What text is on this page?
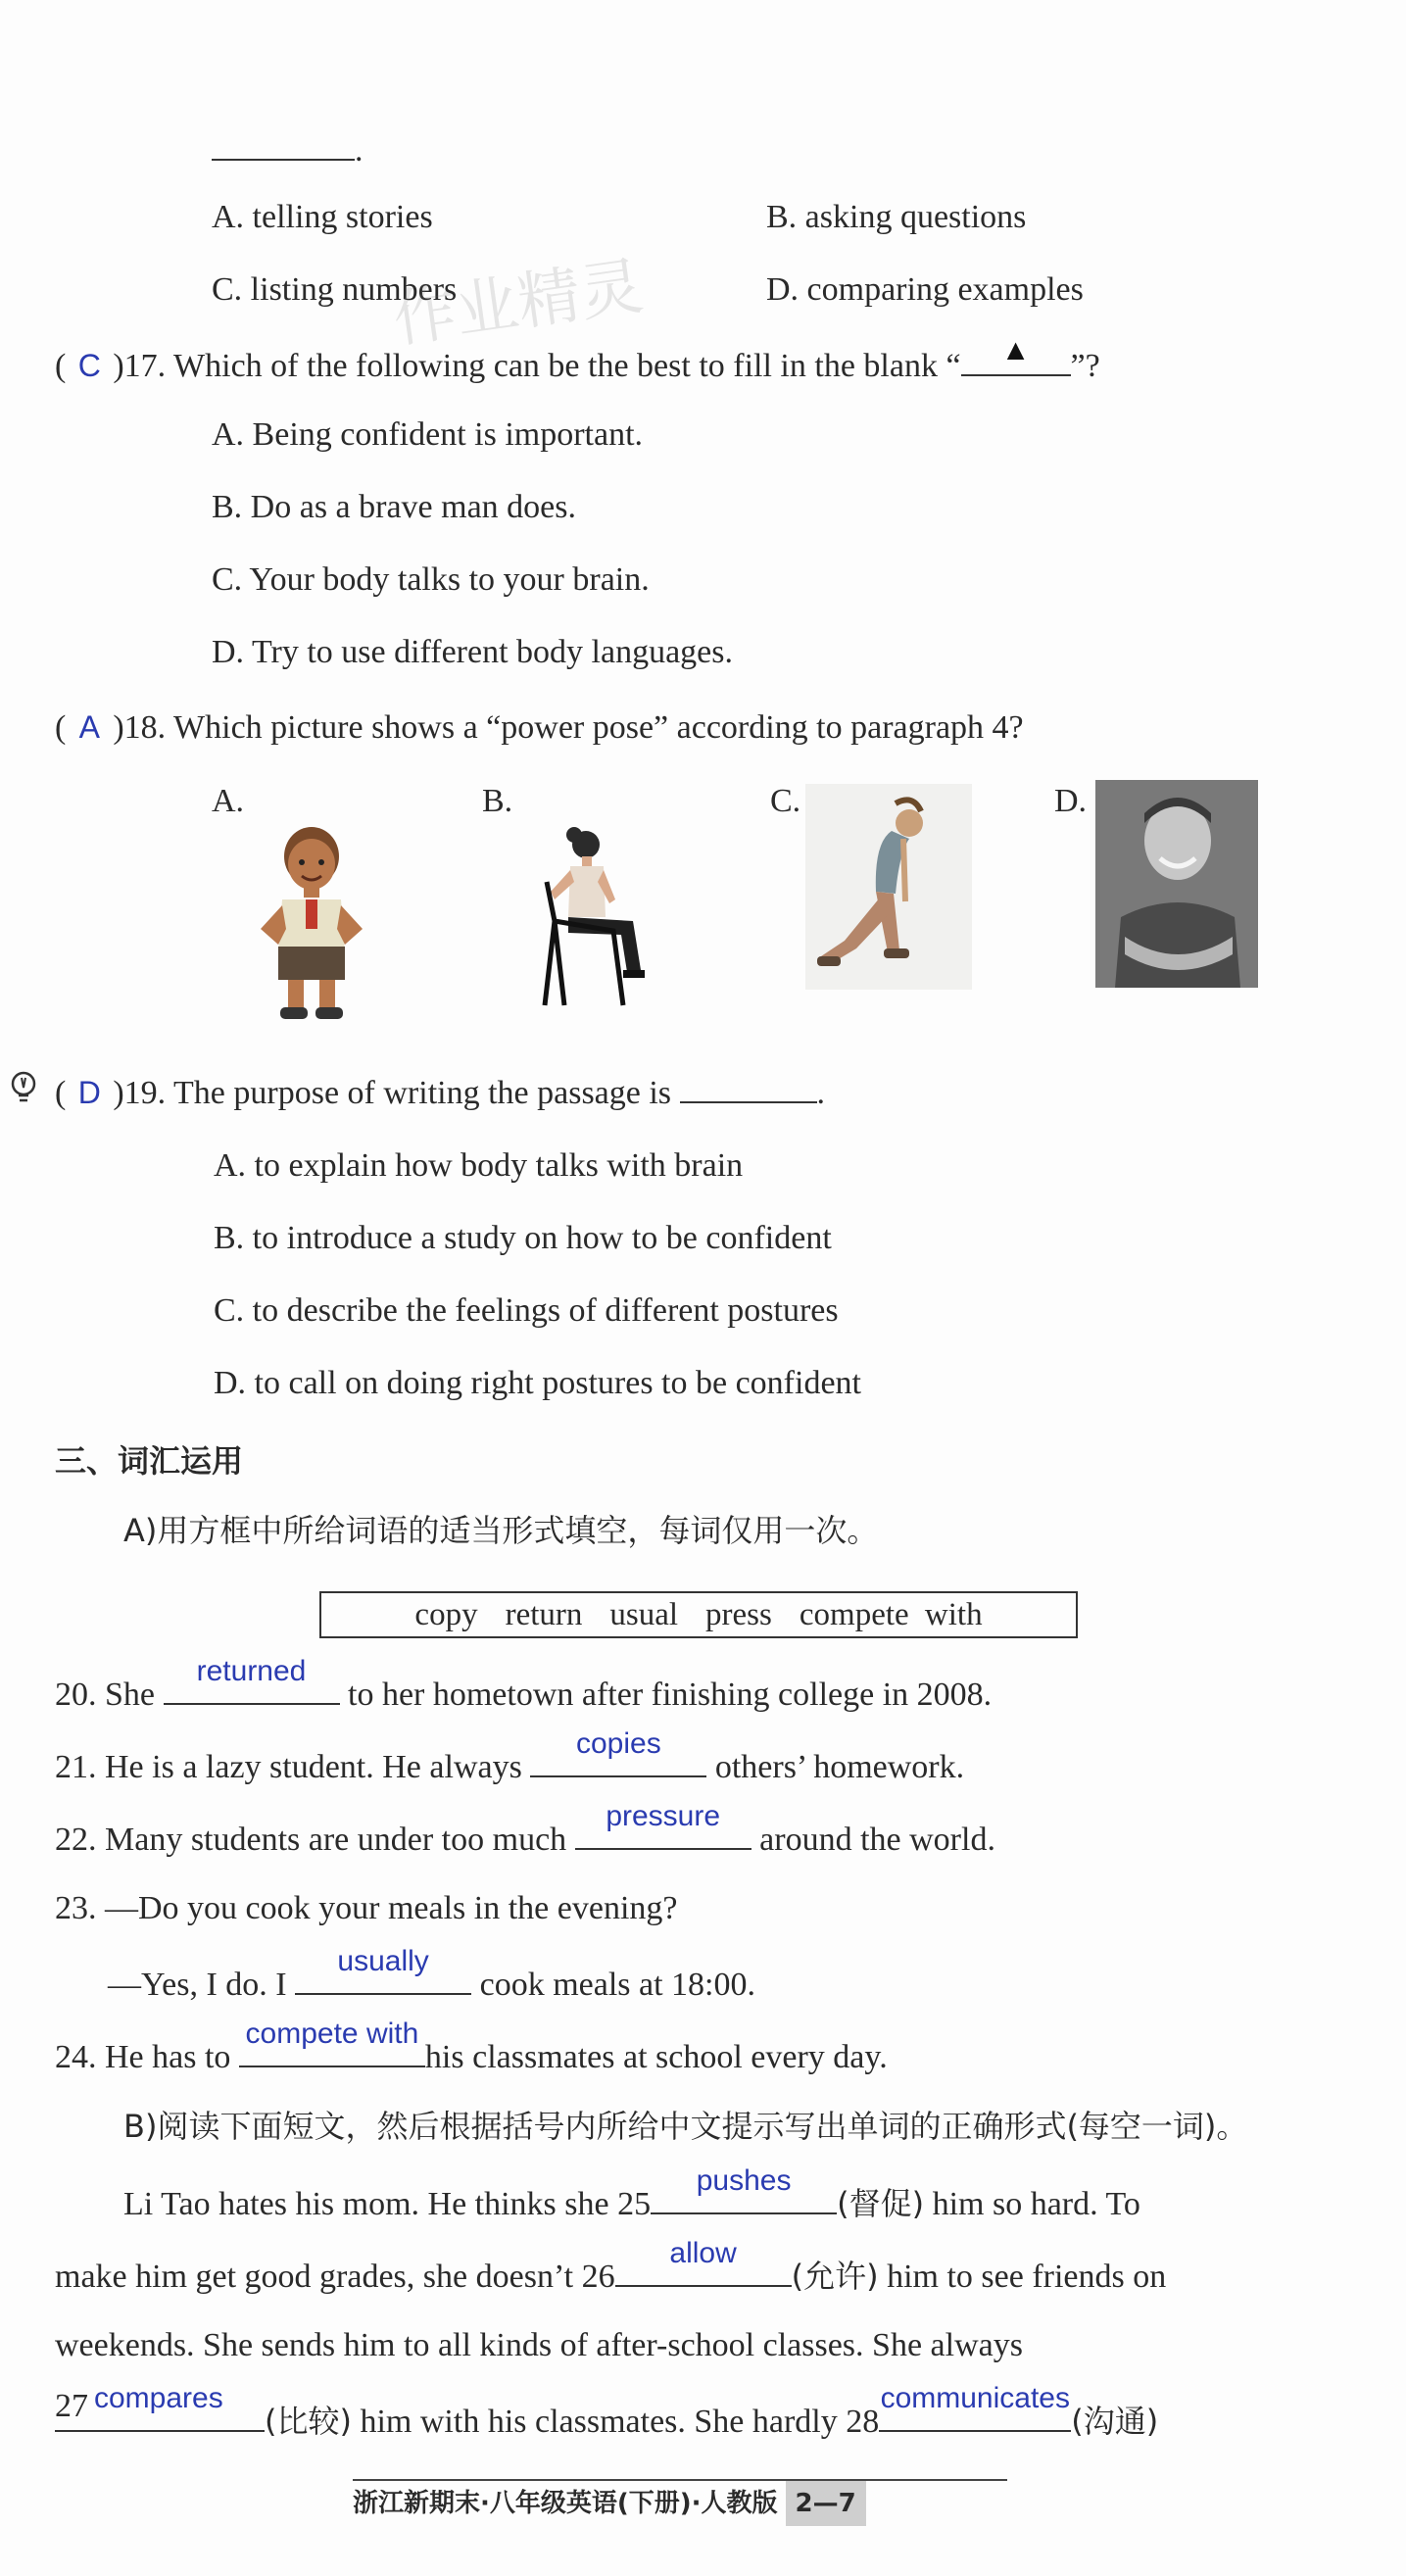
.
A. telling stories	B. asking questions
C. listing numbers	D. comparing examples
作业精灵
( C )17. Which of the following can be the best to fill in the blank “	▲	”?
A. Being confident is important.
B. Do as a brave man does.
C. Your body talks to your brain.
D. Try to use different body languages.
( A )18. Which picture shows a “power pose” according to paragraph 4?
A.	B.	C.	D.
( D )19. The purpose of writing the passage is	.
A. to explain how body talks with brain
B. to introduce a study on how to be confident
C. to describe the feelings of different postures
D. to call on doing right postures to be confident
三、词汇运用
A)用方框中所给词语的适当形式填空，每词仅用一次。
copy return usual press compete with
20. She
returned
to her hometown after finishing college in 2008.
21. He is a lazy student. He always
copies
others’ homework.
22. Many students are under too much
pressure
around the world.
23. —Do you cook your meals in the evening?
—Yes, I do. I
usually
cook meals at 18:00.
24. He has to
compete with
his classmates at school every day.
B)阅读下面短文，然后根据括号内所给中文提示写出单词的正确形式(每空一词)。
Li Tao hates his mom. He thinks she 25
pushes
(督促) him so hard. To
make him get good grades, she doesn’t 26
allow
(允许) him to see friends on
weekends. She sends him to all kinds of after-school classes. She always
27 compares
(比较) him with his classmates. She hardly 28
communicates
(沟通)
浙江新期末·八年级英语(下册)·人教版 2—7
